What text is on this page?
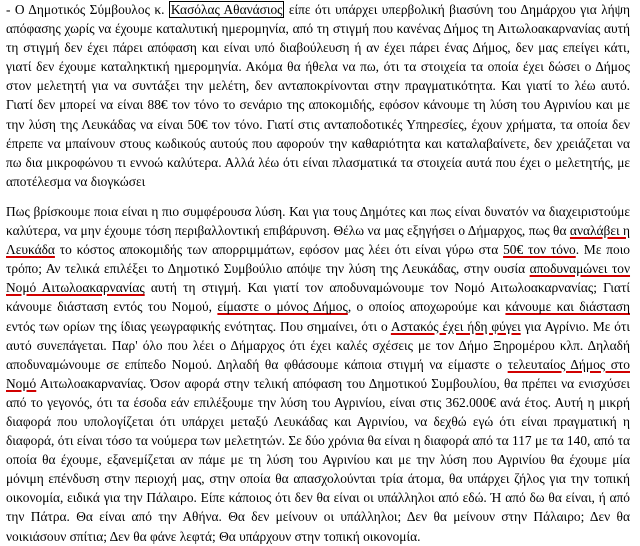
- Ο Δημοτικός Σύμβουλος κ. Κασόλας Αθανάσιος είπε ότι υπάρχει υπερβολική βιασύνη του Δημάρχου για λήψη απόφασης χωρίς να έχουμε καταλυτική ημερομηνία, από τη στιγμή που κανένας Δήμος τη Αιτωλοακαρνανίας αυτή τη στιγμή δεν έχει πάρει απόφαση και είναι υπό διαβούλευση ή αν έχει πάρει ένας Δήμος, δεν μας επείγει κάτι, γιατί δεν έχουμε καταληκτική ημερομηνία. Ακόμα θα ήθελα να πω, ότι τα στοιχεία τα οποία έχει δώσει ο Δήμος στον μελετητή για να συντάξει την μελέτη, δεν ανταποκρίνονται στην πραγματικότητα. Και γιατί το λέω αυτό. Γιατί δεν μπορεί να είναι 88€ τον τόνο το σενάριο της αποκομιδής, εφόσον κάνουμε τη λύση του Αγρινίου και με την λύση της Λευκάδας να είναι 50€ τον τόνο. Γιατί στις ανταποδοτικές Υπηρεσίες, έχουν χρήματα, τα οποία δεν έπρεπε να μπαίνουν στους κωδικούς αυτούς που αφορούν την καθαριότητα και καταλαβαίνετε, δεν χρειάζεται να πω δια μικροφώνου τι εννοώ καλύτερα. Αλλά λέω ότι είναι πλασματικά τα στοιχεία αυτά που έχει ο μελετητής, με αποτέλεσμα να διογκώσει

Πως βρίσκουμε ποια είναι η πιο συμφέρουσα λύση. Και για τους Δημότες και πως είναι δυνατόν να διαχειριστούμε καλύτερα, να μην έχουμε τόση περιβαλλοντική επιβάρυνση. Θέλω να μας εξηγήσει ο Δήμαρχος, πως θα αναλάβει η Λευκάδα το κόστος αποκομιδής των απορριμμάτων, εφόσον μας λέει ότι είναι γύρω στα 50€ τον τόνο. Με ποιο τρόπο; Αν τελικά επιλέξει το Δημοτικό Συμβούλιο απόψε την λύση της Λευκάδας, στην ουσία αποδυναμώνει τον Νομό Αιτωλοακαρνανίας αυτή τη στιγμή. Και γιατί τον αποδυναμώνουμε τον Νομό Αιτωλοακαρνανίας; Γιατί κάνουμε διάσταση εντός του Νομού, είμαστε ο μόνος Δήμος, ο οποίος αποχωρούμε και κάνουμε και διάσταση εντός των ορίων της ίδιας γεωγραφικής ενότητας. Που σημαίνει, ότι ο Αστακός έχει ήδη φύγει για Αγρίνιο. Με ότι αυτό συνεπάγεται. Παρ' όλο που λέει ο Δήμαρχος ότι έχει καλές σχέσεις με τον Δήμο Ξηρομέρου κλπ. Δηλαδή αποδυναμώνουμε σε επίπεδο Νομού. Δηλαδή θα φθάσουμε κάποια στιγμή να είμαστε ο τελευταίος Δήμος στο Νομό Αιτωλοακαρνανίας. Όσον αφορά στην τελική απόφαση του Δημοτικού Συμβουλίου, θα πρέπει να ενισχύσει από το γεγονός, ότι τα έσοδα εάν επιλέξουμε την λύση του Αγρινίου, είναι στις 362.000€ ανά έτος. Αυτή η μικρή διαφορά που υπολογίζεται ότι υπάρχει μεταξύ Λευκάδας και Αγρινίου, να δεχθώ εγώ ότι είναι πραγματική η διαφορά, ότι είναι τόσο τα νούμερα των μελετητών. Σε δύο χρόνια θα είναι η διαφορά από τα 117 με τα 140, από τα οποία θα έχουμε, εξανεμίζεται αν πάμε με τη λύση του Αγρινίου και με την λύση που Αγρινίου θα έχουμε μία μόνιμη επένδυση στην περιοχή μας, στην οποία θα απασχολούνται τρία άτομα, θα υπάρχει ζήλος για την τοπική οικονομία, ειδικά για την Πάλαιρο. Είπε κάποιος ότι δεν θα είναι οι υπάλληλοι από εδώ. Ή από δω θα είναι, ή από την Πάτρα. Θα είναι από την Αθήνα. Θα δεν μείνουν οι υπάλληλοι; Δεν θα μείνουν στην Πάλαιρο; Δεν θα νοικιάσουν σπίτια; Δεν θα φάνε λεφτά; Θα υπάρχουν στην τοπική οικονομία.
